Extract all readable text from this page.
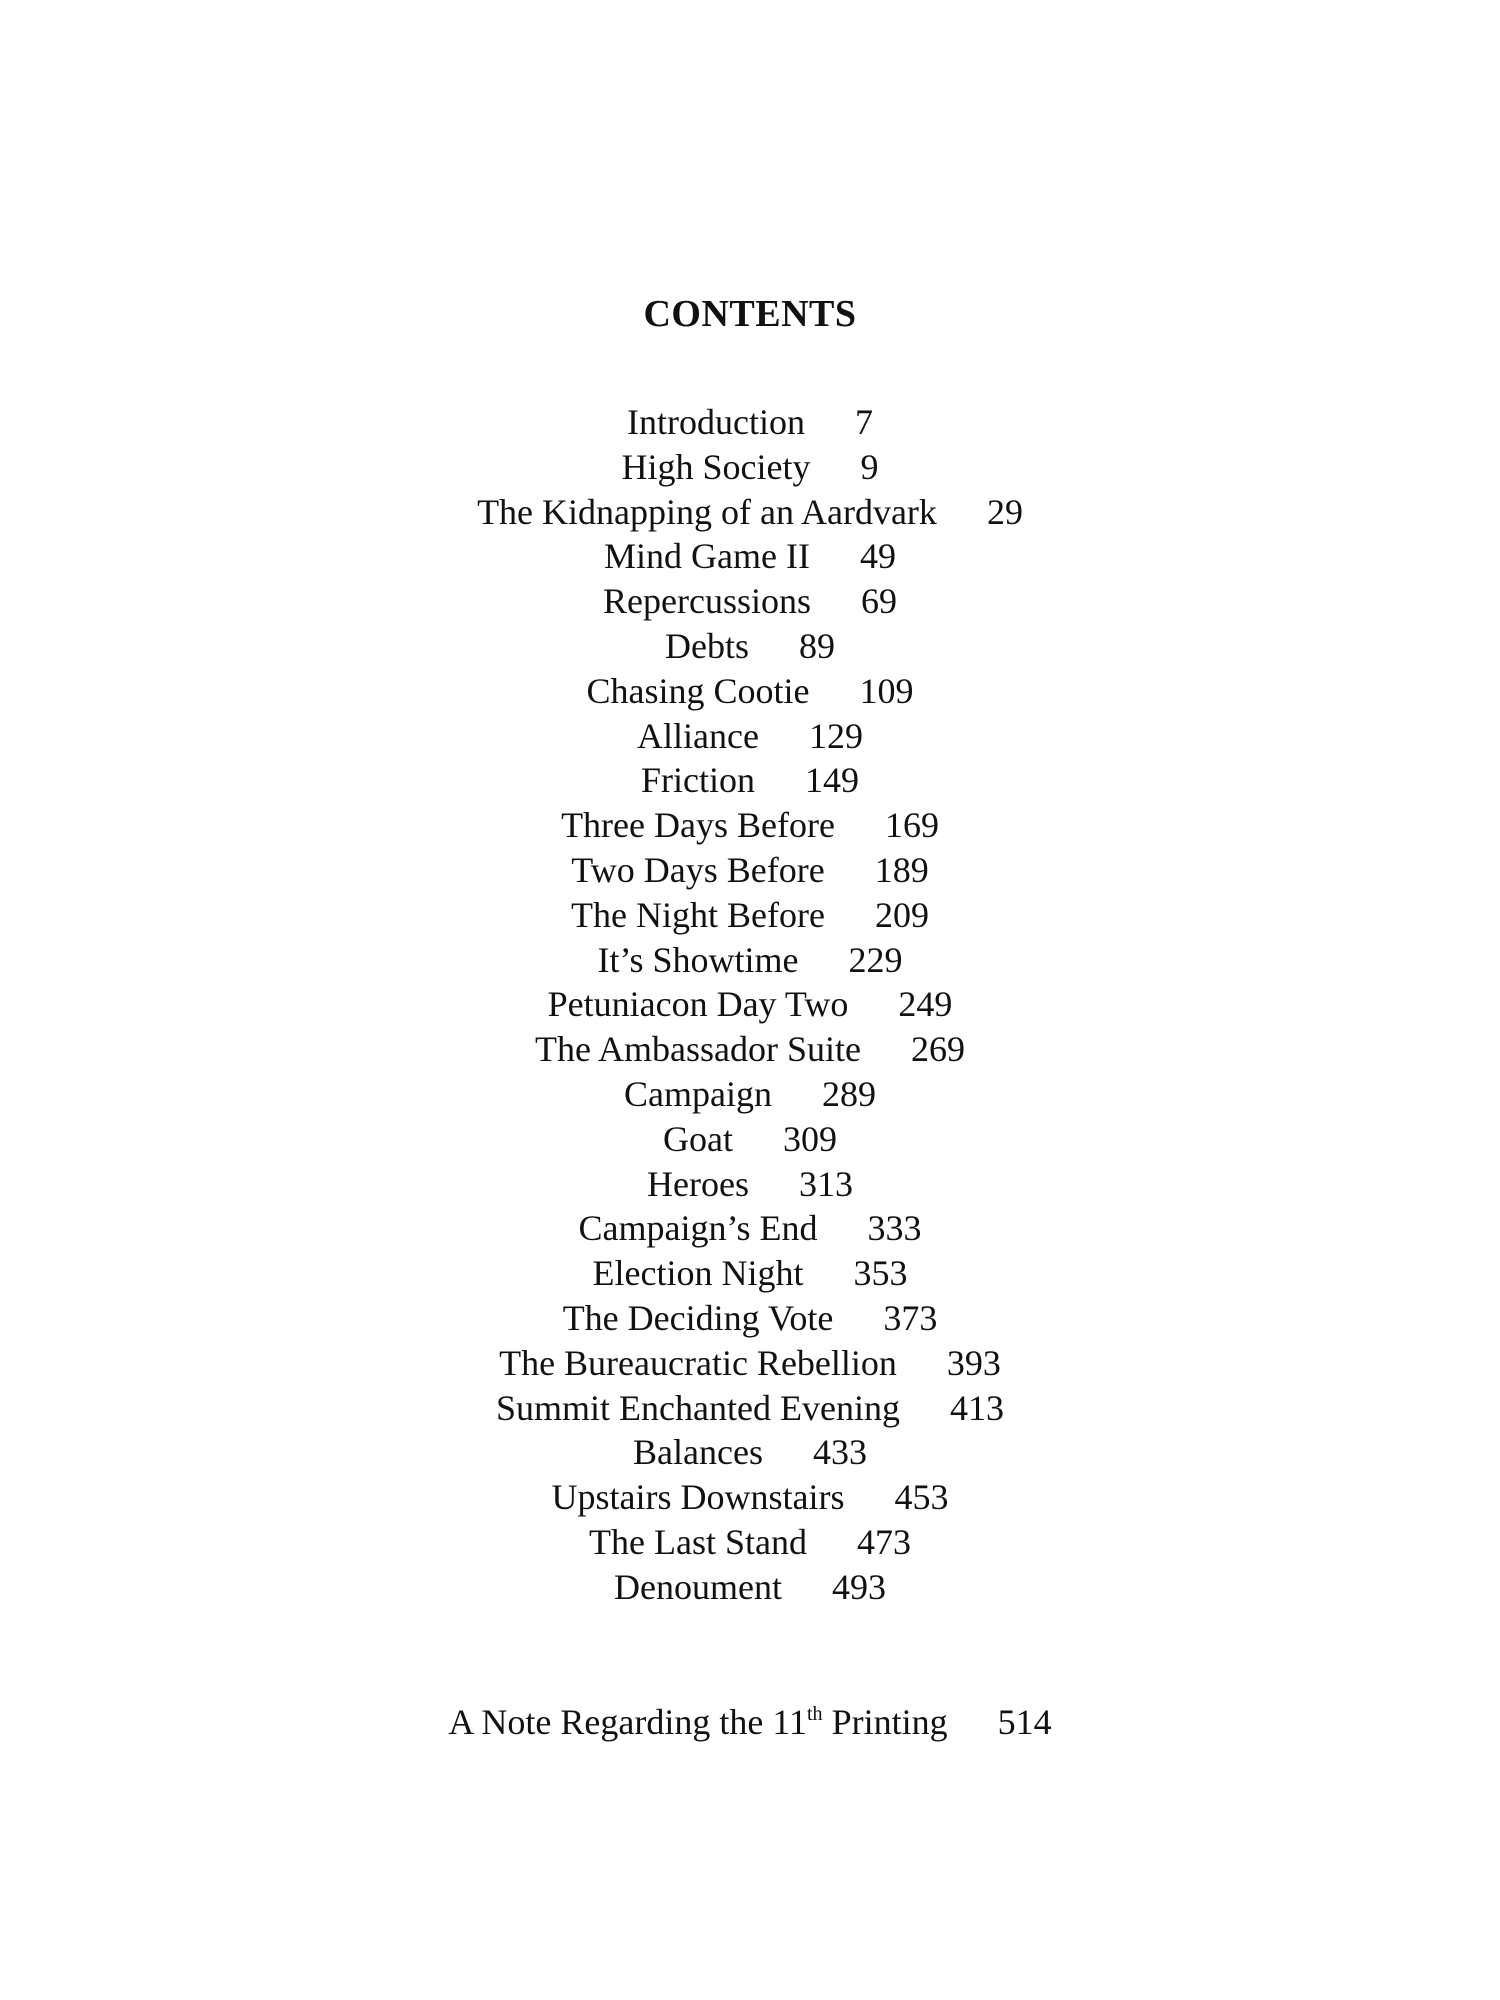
CONTENTS
Introduction 7
High Society 9
The Kidnapping of an Aardvark 29
Mind Game II 49
Repercussions 69
Debts 89
Chasing Cootie 109
Alliance 129
Friction 149
Three Days Before 169
Two Days Before 189
The Night Before 209
It’s Showtime 229
Petuniacon Day Two 249
The Ambassador Suite 269
Campaign 289
Goat 309
Heroes 313
Campaign’s End 333
Election Night 353
The Deciding Vote 373
The Bureaucratic Rebellion 393
Summit Enchanted Evening 413
Balances 433
Upstairs Downstairs 453
The Last Stand 473
Denoument 493
A Note Regarding the 11th Printing 514
